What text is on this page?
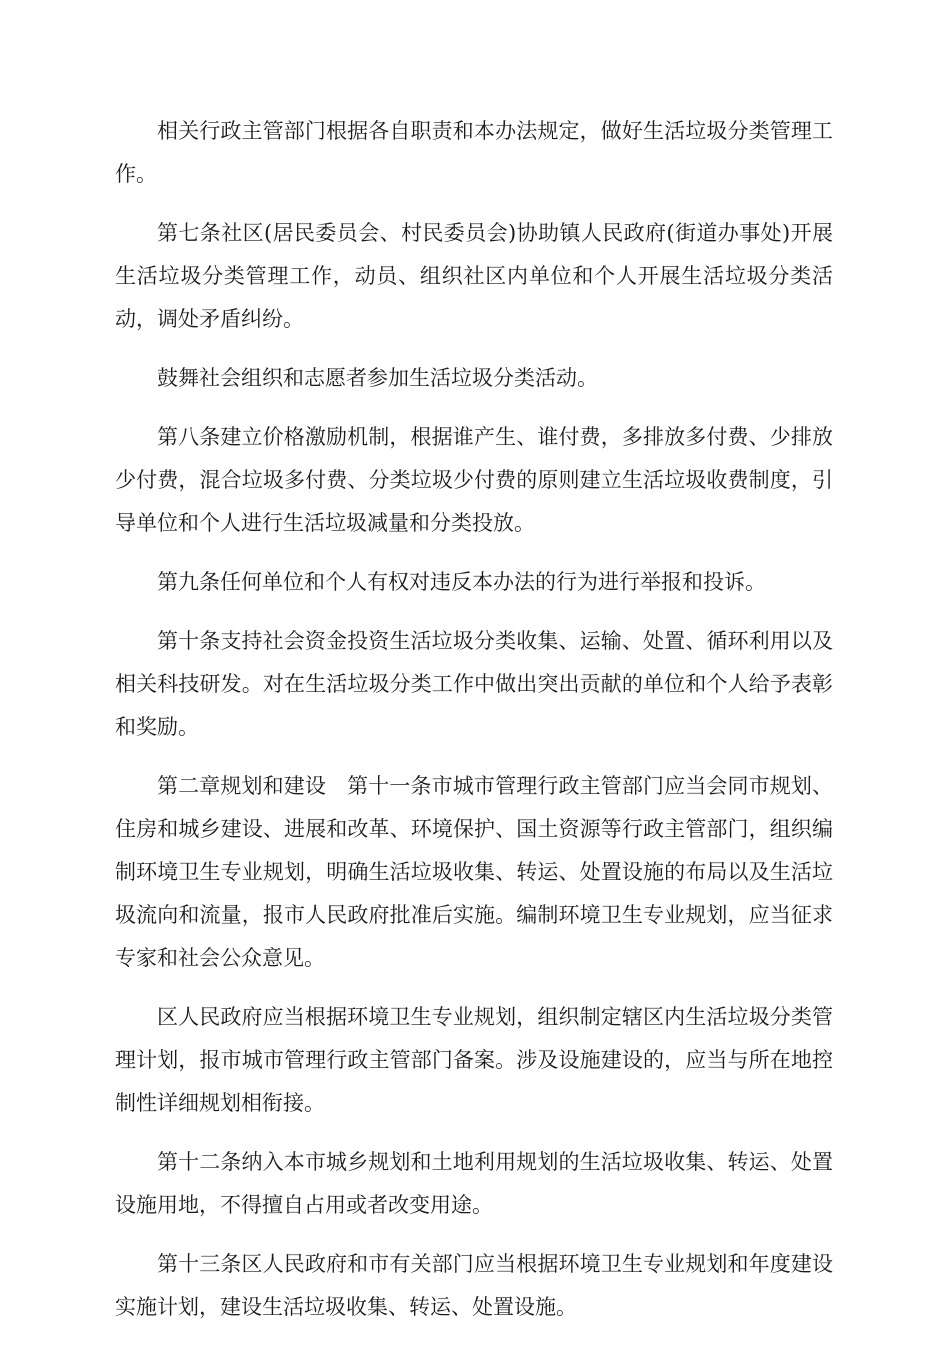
相关行政主管部门根据各自职责和本办法规定，做好生活垃圾分类管理工作。

第七条社区(居民委员会、村民委员会)协助镇人民政府(街道办事处)开展生活垃圾分类管理工作，动员、组织社区内单位和个人开展生活垃圾分类活动，调处矛盾纠纷。

鼓舞社会组织和志愿者参加生活垃圾分类活动。

第八条建立价格激励机制，根据谁产生、谁付费，多排放多付费、少排放少付费，混合垃圾多付费、分类垃圾少付费的原则建立生活垃圾收费制度，引导单位和个人进行生活垃圾减量和分类投放。

第九条任何单位和个人有权对违反本办法的行为进行举报和投诉。

第十条支持社会资金投资生活垃圾分类收集、运输、处置、循环利用以及相关科技研发。对在生活垃圾分类工作中做出突出贡献的单位和个人给予表彰和奖励。

第二章规划和建设　第十一条市城市管理行政主管部门应当会同市规划、住房和城乡建设、进展和改革、环境保护、国土资源等行政主管部门，组织编制环境卫生专业规划，明确生活垃圾收集、转运、处置设施的布局以及生活垃圾流向和流量，报市人民政府批准后实施。编制环境卫生专业规划，应当征求专家和社会公众意见。

区人民政府应当根据环境卫生专业规划，组织制定辖区内生活垃圾分类管理计划，报市城市管理行政主管部门备案。涉及设施建设的，应当与所在地控制性详细规划相衔接。

第十二条纳入本市城乡规划和土地利用规划的生活垃圾收集、转运、处置设施用地，不得擅自占用或者改变用途。

第十三条区人民政府和市有关部门应当根据环境卫生专业规划和年度建设实施计划，建设生活垃圾收集、转运、处置设施。
